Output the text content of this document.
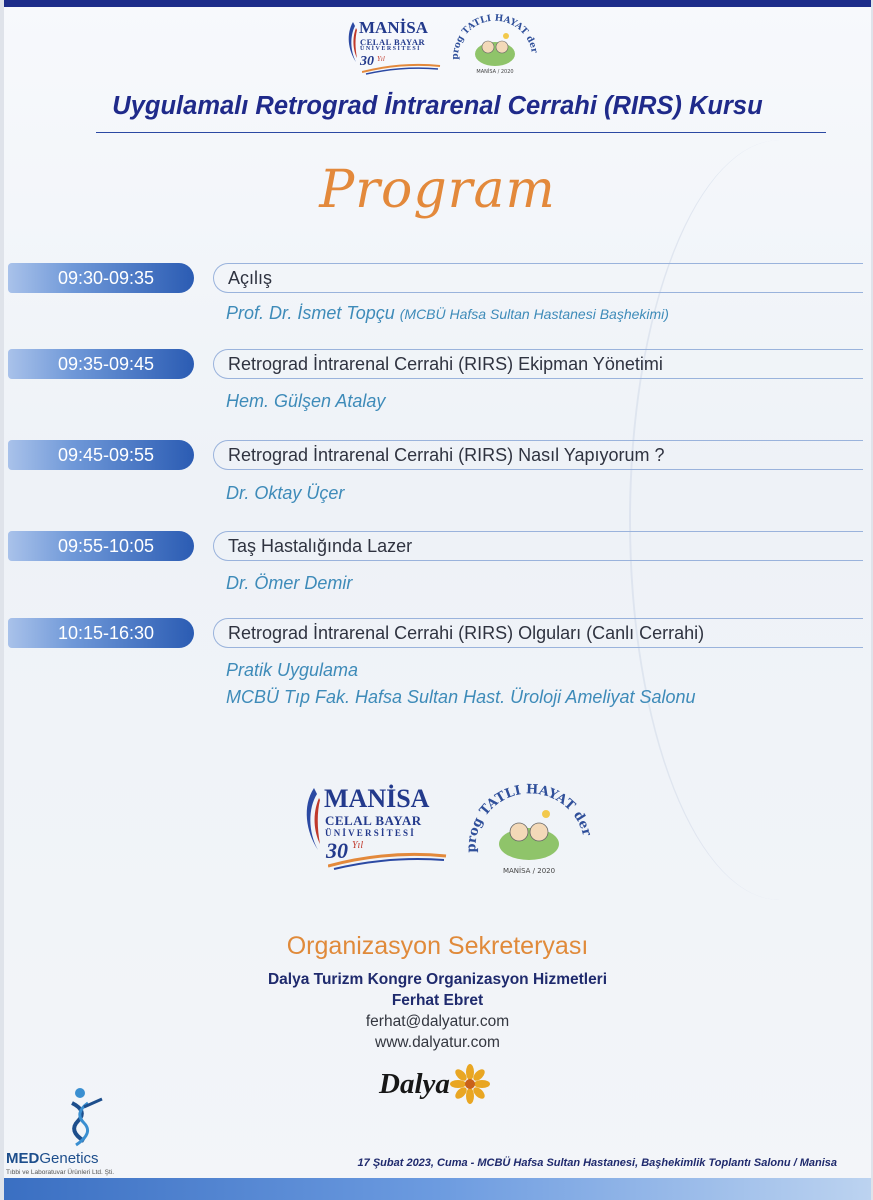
MANİSA
CELAL BAYAR
ÜNİVERSİTESİ
30 Yıl	prog TATLI HAYAT der
MANİSA / 2020
Uygulamalı Retrograd İntrarenal Cerrahi (RIRS) Kursu
Program
09:30-09:35	Açılış
Prof. Dr. İsmet Topçu (MCBÜ Hafsa Sultan Hastanesi Başhekimi)
09:35-09:45	Retrograd İntrarenal Cerrahi (RIRS) Ekipman Yönetimi
Hem. Gülşen Atalay
09:45-09:55	Retrograd İntrarenal Cerrahi (RIRS) Nasıl Yapıyorum ?
Dr. Oktay Üçer
09:55-10:05	Taş Hastalığında Lazer
Dr. Ömer Demir
10:15-16:30	Retrograd İntrarenal Cerrahi (RIRS) Olguları (Canlı Cerrahi)
Pratik Uygulama
MCBÜ Tıp Fak. Hafsa Sultan Hast. Üroloji Ameliyat Salonu
MANİSA
CELAL BAYAR
ÜNİVERSİTESİ
30 Yıl	prog TATLI HAYAT der
MANİSA / 2020
Organizasyon Sekreteryası
Dalya Turizm Kongre Organizasyon Hizmetleri
Ferhat Ebret
ferhat@dalyatur.com
www.dalyatur.com
Dalya
MEDGenetics
Tıbbi ve Laboratuvar Ürünleri Ltd. Şti.
17 Şubat 2023, Cuma - MCBÜ Hafsa Sultan Hastanesi, Başhekimlik Toplantı Salonu / Manisa
